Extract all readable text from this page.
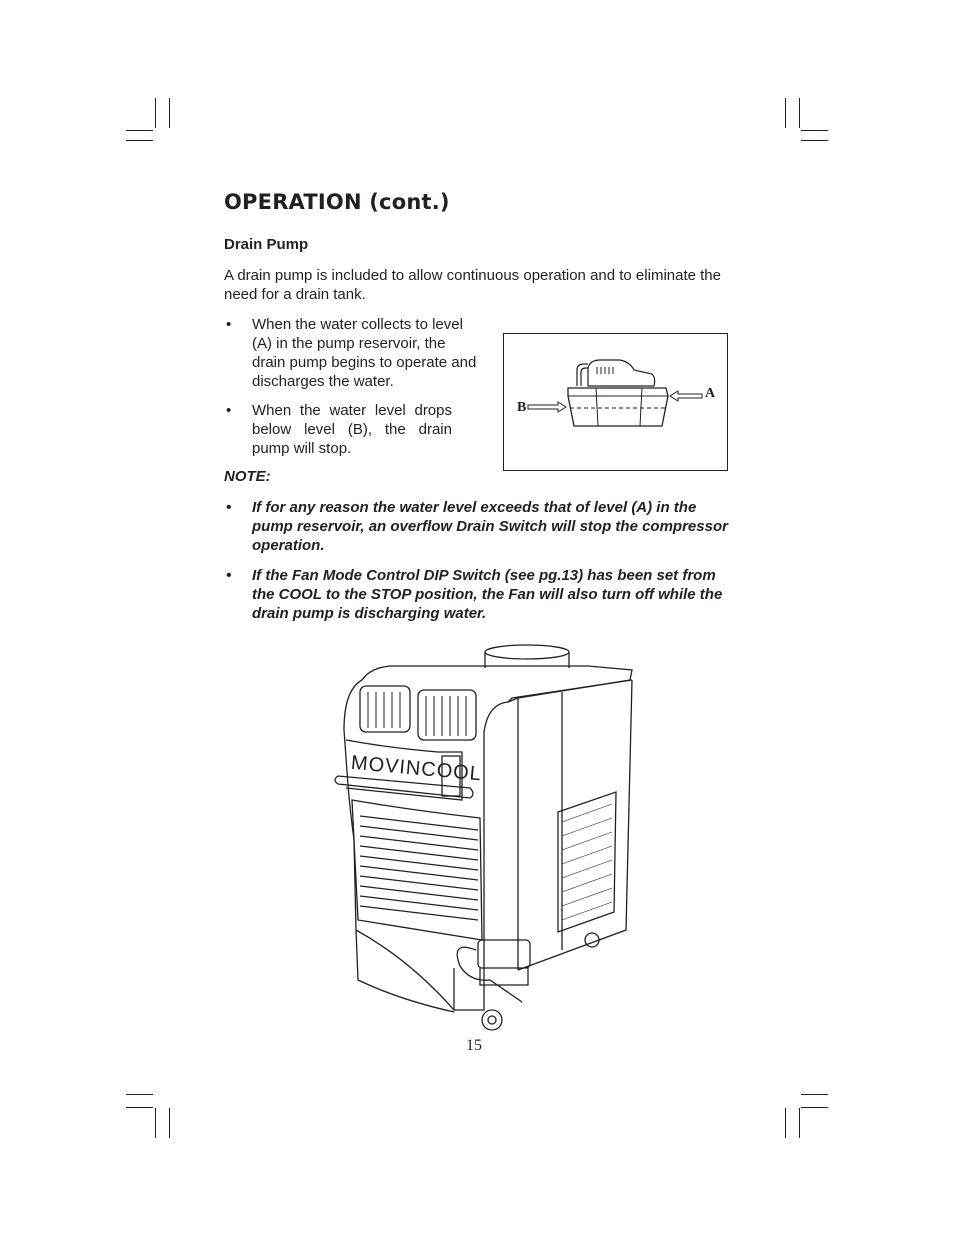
OPERATION (cont.)
Drain Pump

A drain pump is included to allow continuous operation and to eliminate the need for a drain tank.

• When the water collects to level (A) in the pump reservoir, the drain pump begins to operate and discharges the water.
• When the water level drops below level (B), the drain pump will stop.
A
B

NOTE:

• If for any reason the water level exceeds that of level (A) in the pump reservoir, an overflow Drain Switch will stop the compressor operation.
• If the Fan Mode Control DIP Switch (see pg.13) has been set from the COOL to the STOP position, the Fan will also turn off while the drain pump is discharging water.
MOVINCOOL

15
